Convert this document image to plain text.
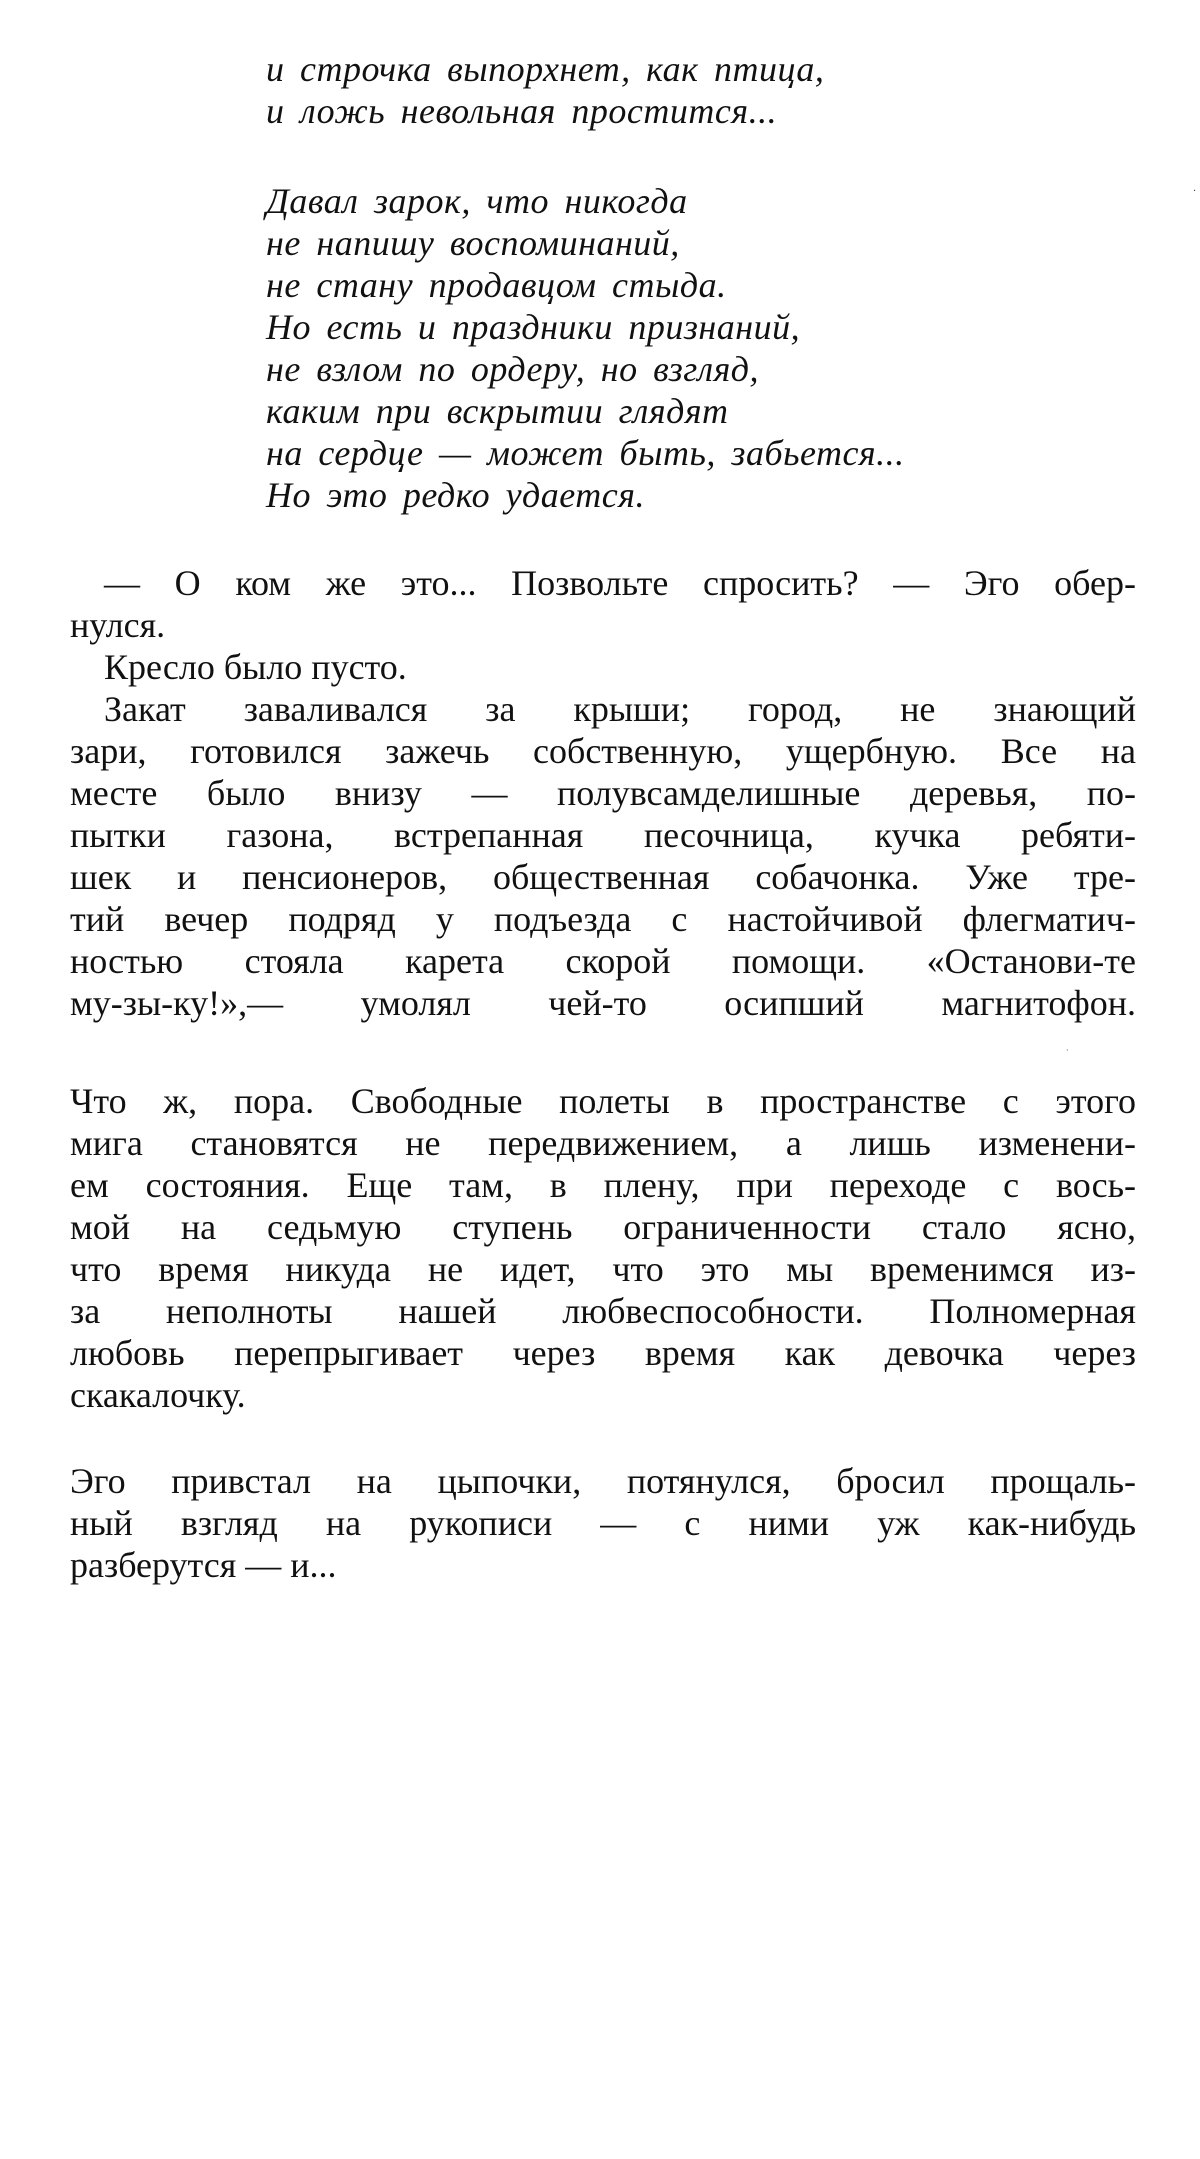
и строчка выпорхнет, как птица,
и ложь невольная простится...
Давал зарок, что никогда
не напишу воспоминаний,
не стану продавцом стыда.
Но есть и праздники признаний,
не взлом по ордеру, но взгляд,
каким при вскрытии глядят
на сердце — может быть, забьется...
Но это редко удается.
— О ком же это... Позвольте спросить? — Эго обер-
нулся.
Кресло было пусто.
Закат заваливался за крыши; город, не знающий
зари, готовился зажечь собственную, ущербную. Все на
месте было внизу — полувсамделишные деревья, по-
пытки газона, встрепанная песочница, кучка ребяти-
шек и пенсионеров, общественная собачонка. Уже тре-
тий вечер подряд у подъезда с настойчивой флегматич-
ностью стояла карета скорой помощи. «Останови-те
му-зы-ку!»,— умолял чей-то осипший магнитофон.
Что ж, пора. Свободные полеты в пространстве с этого
мига становятся не передвижением, а лишь изменени-
ем состояния. Еще там, в плену, при переходе с вось-
мой на седьмую ступень ограниченности стало ясно,
что время никуда не идет, что это мы временимся из-
за неполноты нашей любвеспособности. Полномерная
любовь перепрыгивает через время как девочка через
скакалочку.
Эго привстал на цыпочки, потянулся, бросил прощаль-
ный взгляд на рукописи — с ними уж как-нибудь
разберутся — и...
·
·
